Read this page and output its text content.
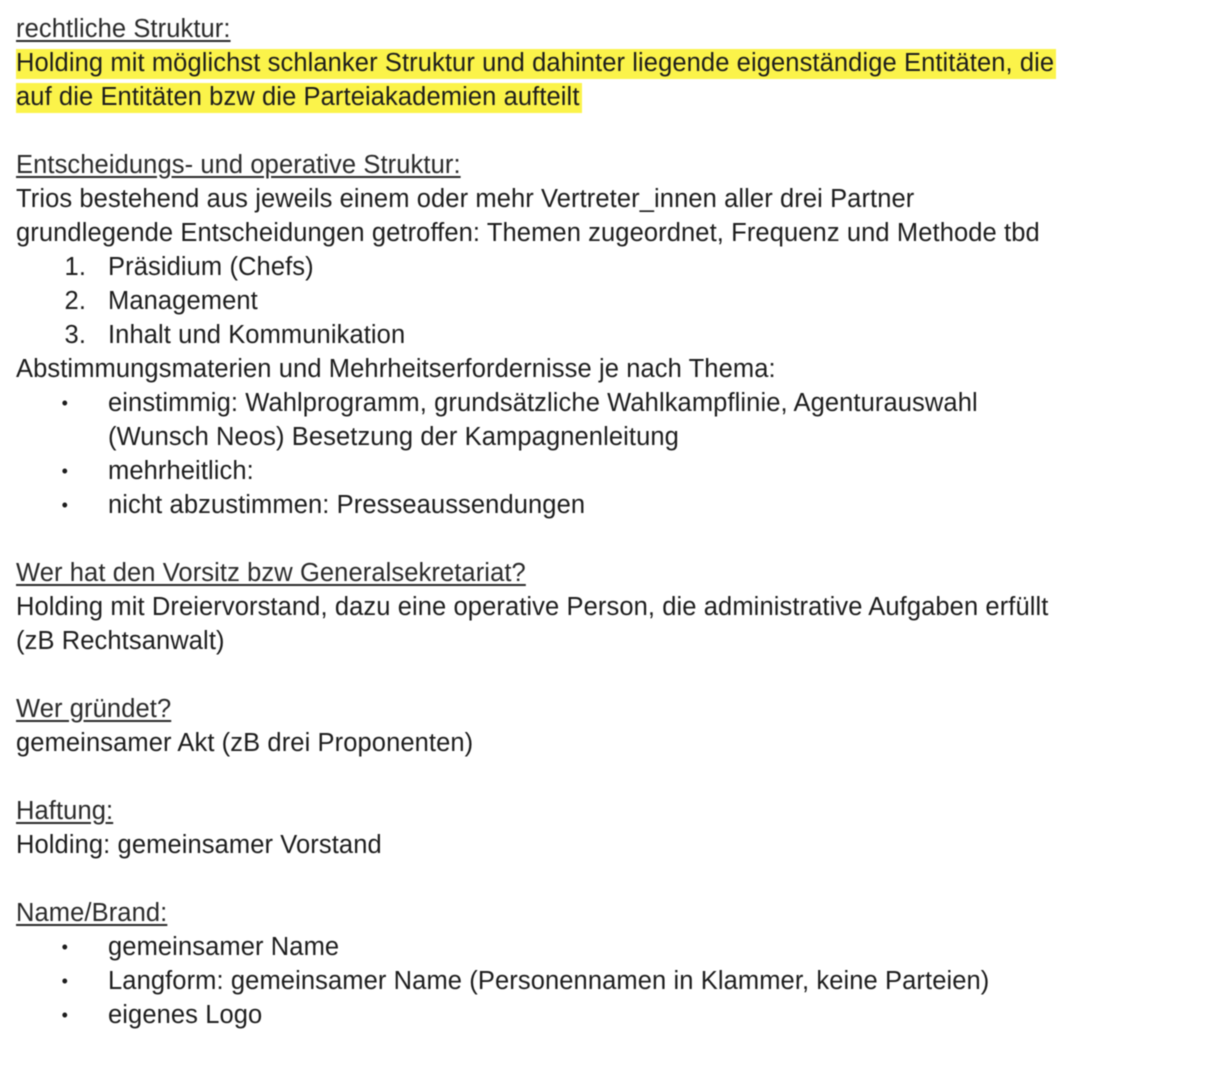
rechtliche Struktur:
Holding mit möglichst schlanker Struktur und dahinter liegende eigenständige Entitäten, die
auf die Entitäten bzw die Parteiakademien aufteilt
Entscheidungs- und operative Struktur:
Trios bestehend aus jeweils einem oder mehr Vertreter_innen aller drei Partner
grundlegende Entscheidungen getroffen: Themen zugeordnet, Frequenz und Methode tbd
1. Präsidium (Chefs)
2. Management
3. Inhalt und Kommunikation
Abstimmungsmaterien und Mehrheitserfordernisse je nach Thema:
•	einstimmig: Wahlprogramm, grundsätzliche Wahlkampflinie, Agenturauswahl
(Wunsch Neos) Besetzung der Kampagnenleitung
•	mehrheitlich:
•	nicht abzustimmen: Presseaussendungen
Wer hat den Vorsitz bzw Generalsekretariat?
Holding mit Dreiervorstand, dazu eine operative Person, die administrative Aufgaben erfüllt
(zB Rechtsanwalt)
Wer gründet?
gemeinsamer Akt (zB drei Proponenten)
Haftung:
Holding: gemeinsamer Vorstand
Name/Brand:
•	gemeinsamer Name
•	Langform: gemeinsamer Name (Personennamen in Klammer, keine Parteien)
•	eigenes Logo
